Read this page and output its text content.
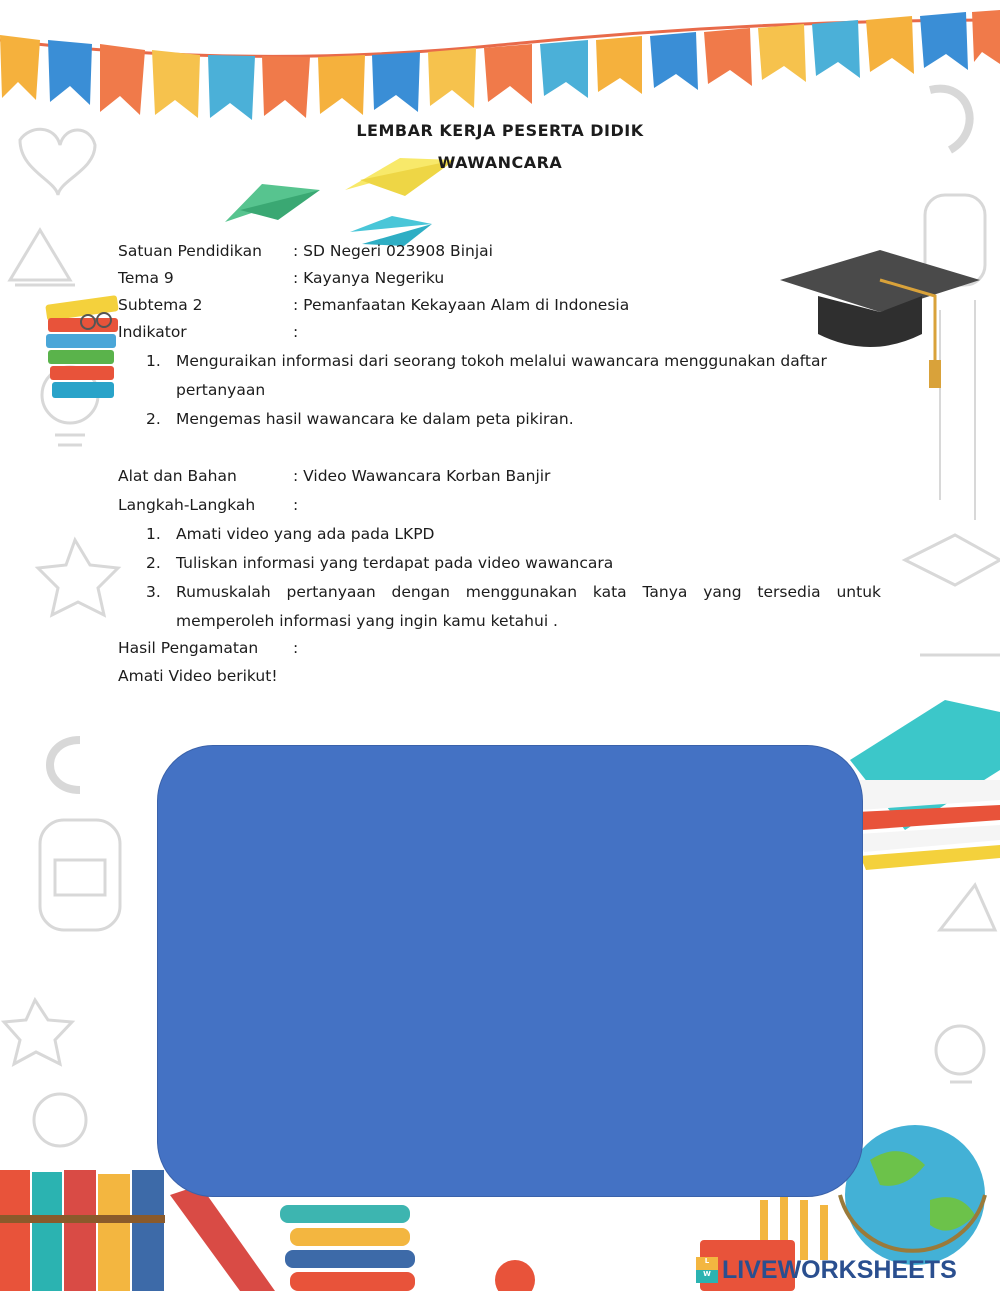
LEMBAR KERJA PESERTA DIDIK
WAWANCARA
Satuan Pendidikan : SD Negeri 023908 Binjai
Tema 9	: Kayanya Negeriku
Subtema 2	: Pemanfaatan Kekayaan Alam di Indonesia
Indikator	:
1. Menguraikan informasi dari seorang tokoh melalui wawancara menggunakan daftar pertanyaan
2. Mengemas hasil wawancara ke dalam peta pikiran.
Alat dan Bahan	: Video Wawancara Korban Banjir
Langkah-Langkah :
1. Amati video yang ada pada LKPD
2. Tuliskan informasi yang terdapat pada video wawancara
3. Rumuskalah pertanyaan dengan menggunakan kata Tanya yang tersedia untuk
memperoleh informasi yang ingin kamu ketahui .
Hasil Pengamatan :
Amati Video berikut!
L
W LIVEWORKSHEETS
